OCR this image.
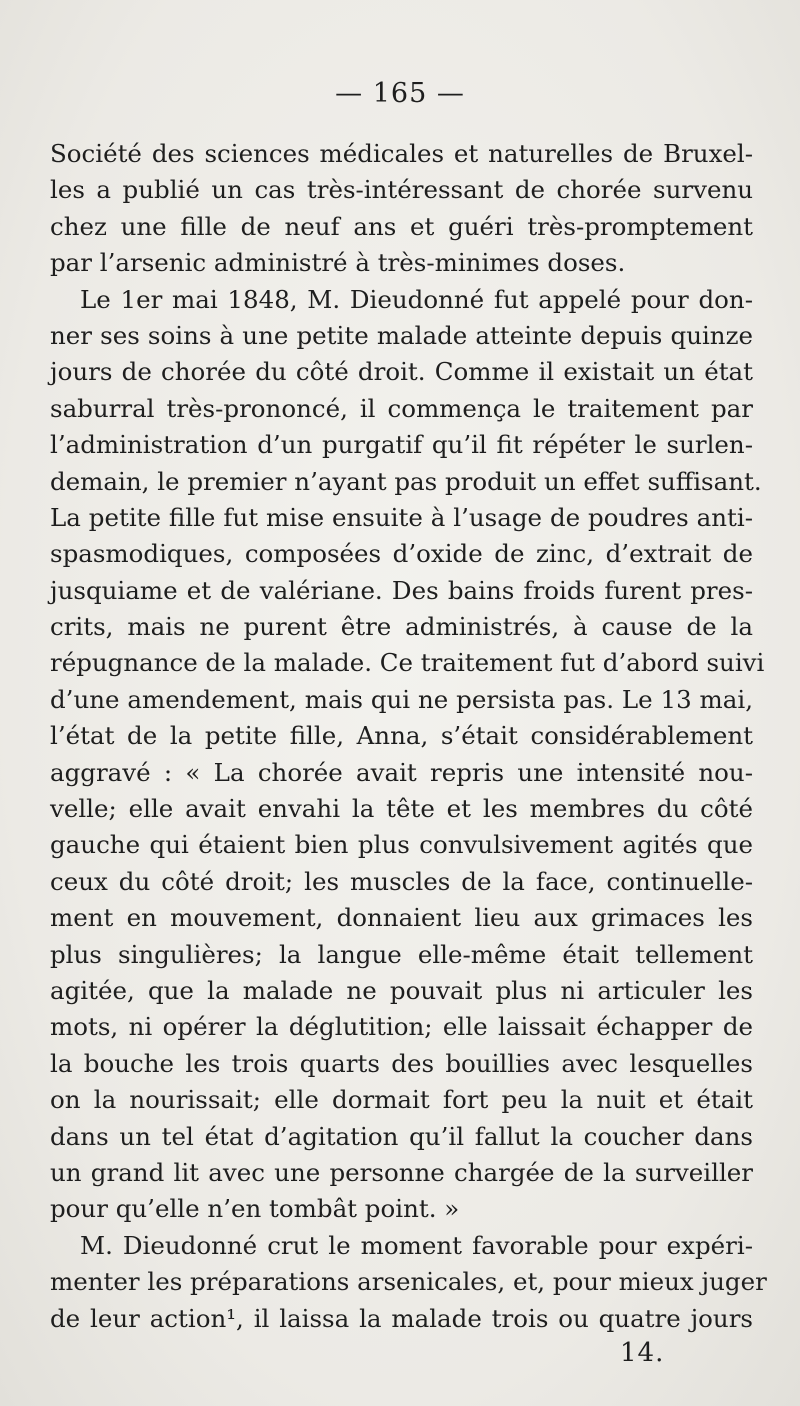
— 165 —
Société des sciences médicales et naturelles de Bruxel-
les a publié un cas très-intéressant de chorée survenu
chez une fille de neuf ans et guéri très-promptement
par l’arsenic administré à très-minimes doses.
Le 1er mai 1848, M. Dieudonné fut appelé pour don-
ner ses soins à une petite malade atteinte depuis quinze
jours de chorée du côté droit. Comme il existait un état
saburral très-prononcé, il commença le traitement par
l’administration d’un purgatif qu’il fit répéter le surlen-
demain, le premier n’ayant pas produit un effet suffisant.
La petite fille fut mise ensuite à l’usage de poudres anti-
spasmodiques, composées d’oxide de zinc, d’extrait de
jusquiame et de valériane. Des bains froids furent pres-
crits, mais ne purent être administrés, à cause de la
répugnance de la malade. Ce traitement fut d’abord suivi
d’une amendement, mais qui ne persista pas. Le 13 mai,
l’état de la petite fille, Anna, s’était considérablement
aggravé : « La chorée avait repris une intensité nou-
velle; elle avait envahi la tête et les membres du côté
gauche qui étaient bien plus convulsivement agités que
ceux du côté droit; les muscles de la face, continuelle-
ment en mouvement, donnaient lieu aux grimaces les
plus singulières; la langue elle-même était tellement
agitée, que la malade ne pouvait plus ni articuler les
mots, ni opérer la déglutition; elle laissait échapper de
la bouche les trois quarts des bouillies avec lesquelles
on la nourissait; elle dormait fort peu la nuit et était
dans un tel état d’agitation qu’il fallut la coucher dans
un grand lit avec une personne chargée de la surveiller
pour qu’elle n’en tombât point. »
M. Dieudonné crut le moment favorable pour expéri-
menter les préparations arsenicales, et, pour mieux juger
de leur action¹, il laissa la malade trois ou quatre jours
14.
